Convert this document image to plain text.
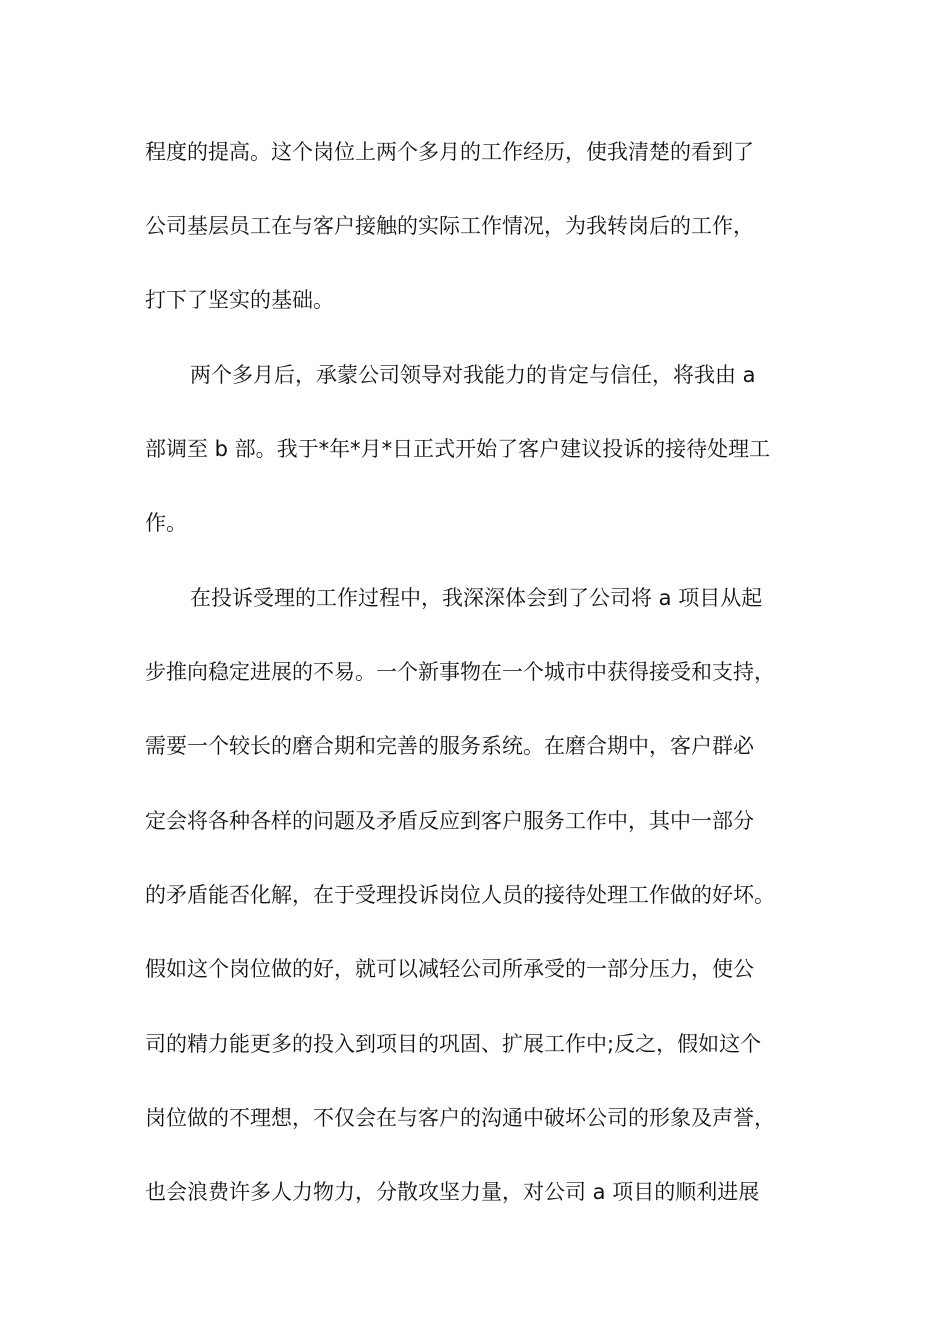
程度的提高。这个岗位上两个多月的工作经历，使我清楚的看到了
公司基层员工在与客户接触的实际工作情况，为我转岗后的工作，
打下了坚实的基础。
两个多月后，承蒙公司领导对我能力的肯定与信任，将我由 a
部调至 b 部。我于*年*月*日正式开始了客户建议投诉的接待处理工
作。
在投诉受理的工作过程中，我深深体会到了公司将 a 项目从起
步推向稳定进展的不易。一个新事物在一个城市中获得接受和支持，
需要一个较长的磨合期和完善的服务系统。在磨合期中，客户群必
定会将各种各样的问题及矛盾反应到客户服务工作中，其中一部分
的矛盾能否化解，在于受理投诉岗位人员的接待处理工作做的好坏。
假如这个岗位做的好，就可以减轻公司所承受的一部分压力，使公
司的精力能更多的投入到项目的巩固、扩展工作中;反之，假如这个
岗位做的不理想，不仅会在与客户的沟通中破坏公司的形象及声誉，
也会浪费许多人力物力，分散攻坚力量，对公司 a 项目的顺利进展
